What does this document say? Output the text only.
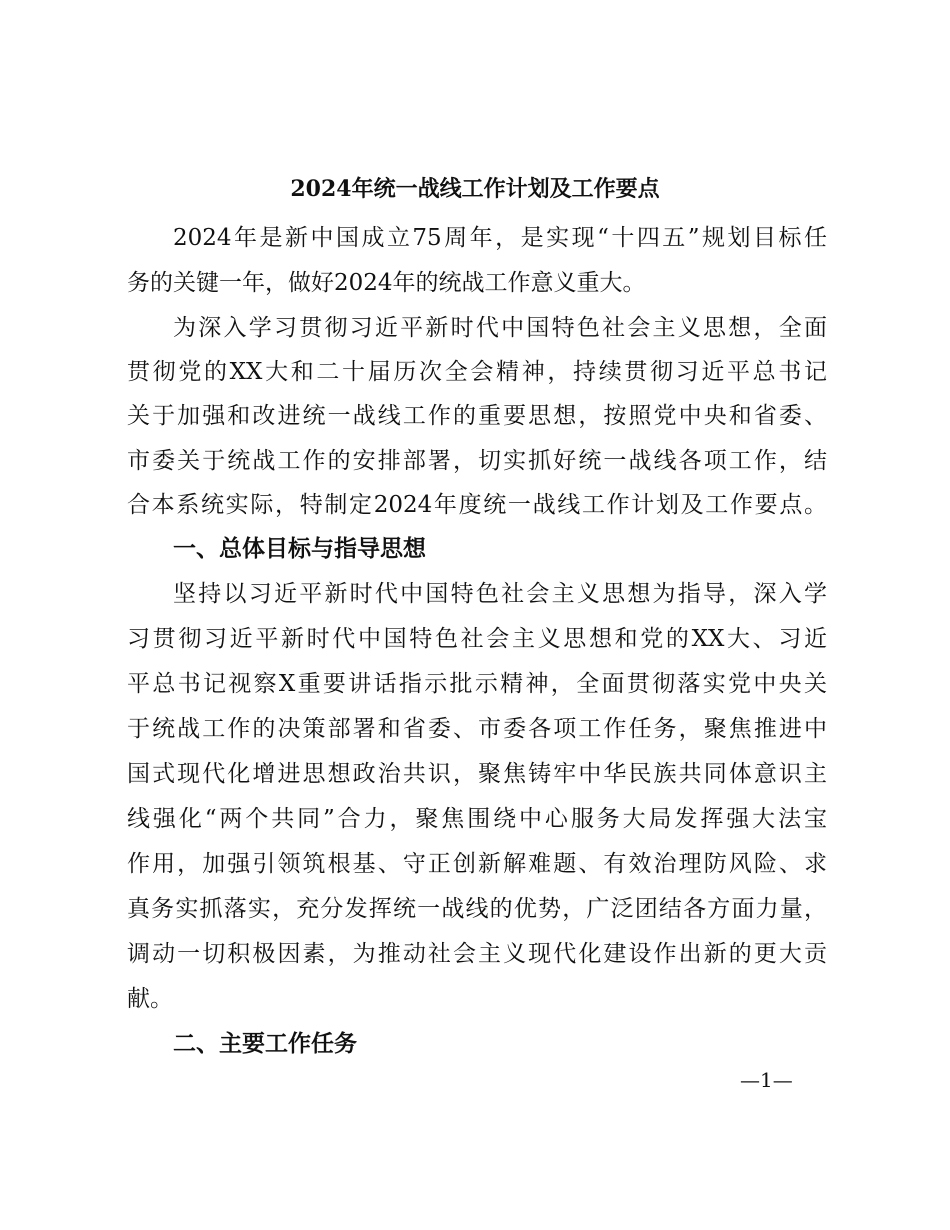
2024年统一战线工作计划及工作要点
2024年是新中国成立75周年，是实现“十四五”规划目标任
务的关键一年，做好2024年的统战工作意义重大。
为深入学习贯彻习近平新时代中国特色社会主义思想，全面
贯彻党的XX大和二十届历次全会精神，持续贯彻习近平总书记
关于加强和改进统一战线工作的重要思想，按照党中央和省委、
市委关于统战工作的安排部署，切实抓好统一战线各项工作，结
合本系统实际，特制定2024年度统一战线工作计划及工作要点。
一、总体目标与指导思想
坚持以习近平新时代中国特色社会主义思想为指导，深入学
习贯彻习近平新时代中国特色社会主义思想和党的XX大、习近
平总书记视察X重要讲话指示批示精神，全面贯彻落实党中央关
于统战工作的决策部署和省委、市委各项工作任务，聚焦推进中
国式现代化增进思想政治共识，聚焦铸牢中华民族共同体意识主
线强化“两个共同”合力，聚焦围绕中心服务大局发挥强大法宝
作用，加强引领筑根基、守正创新解难题、有效治理防风险、求
真务实抓落实，充分发挥统一战线的优势，广泛团结各方面力量，
调动一切积极因素，为推动社会主义现代化建设作出新的更大贡
献。
二、主要工作任务
—1—
